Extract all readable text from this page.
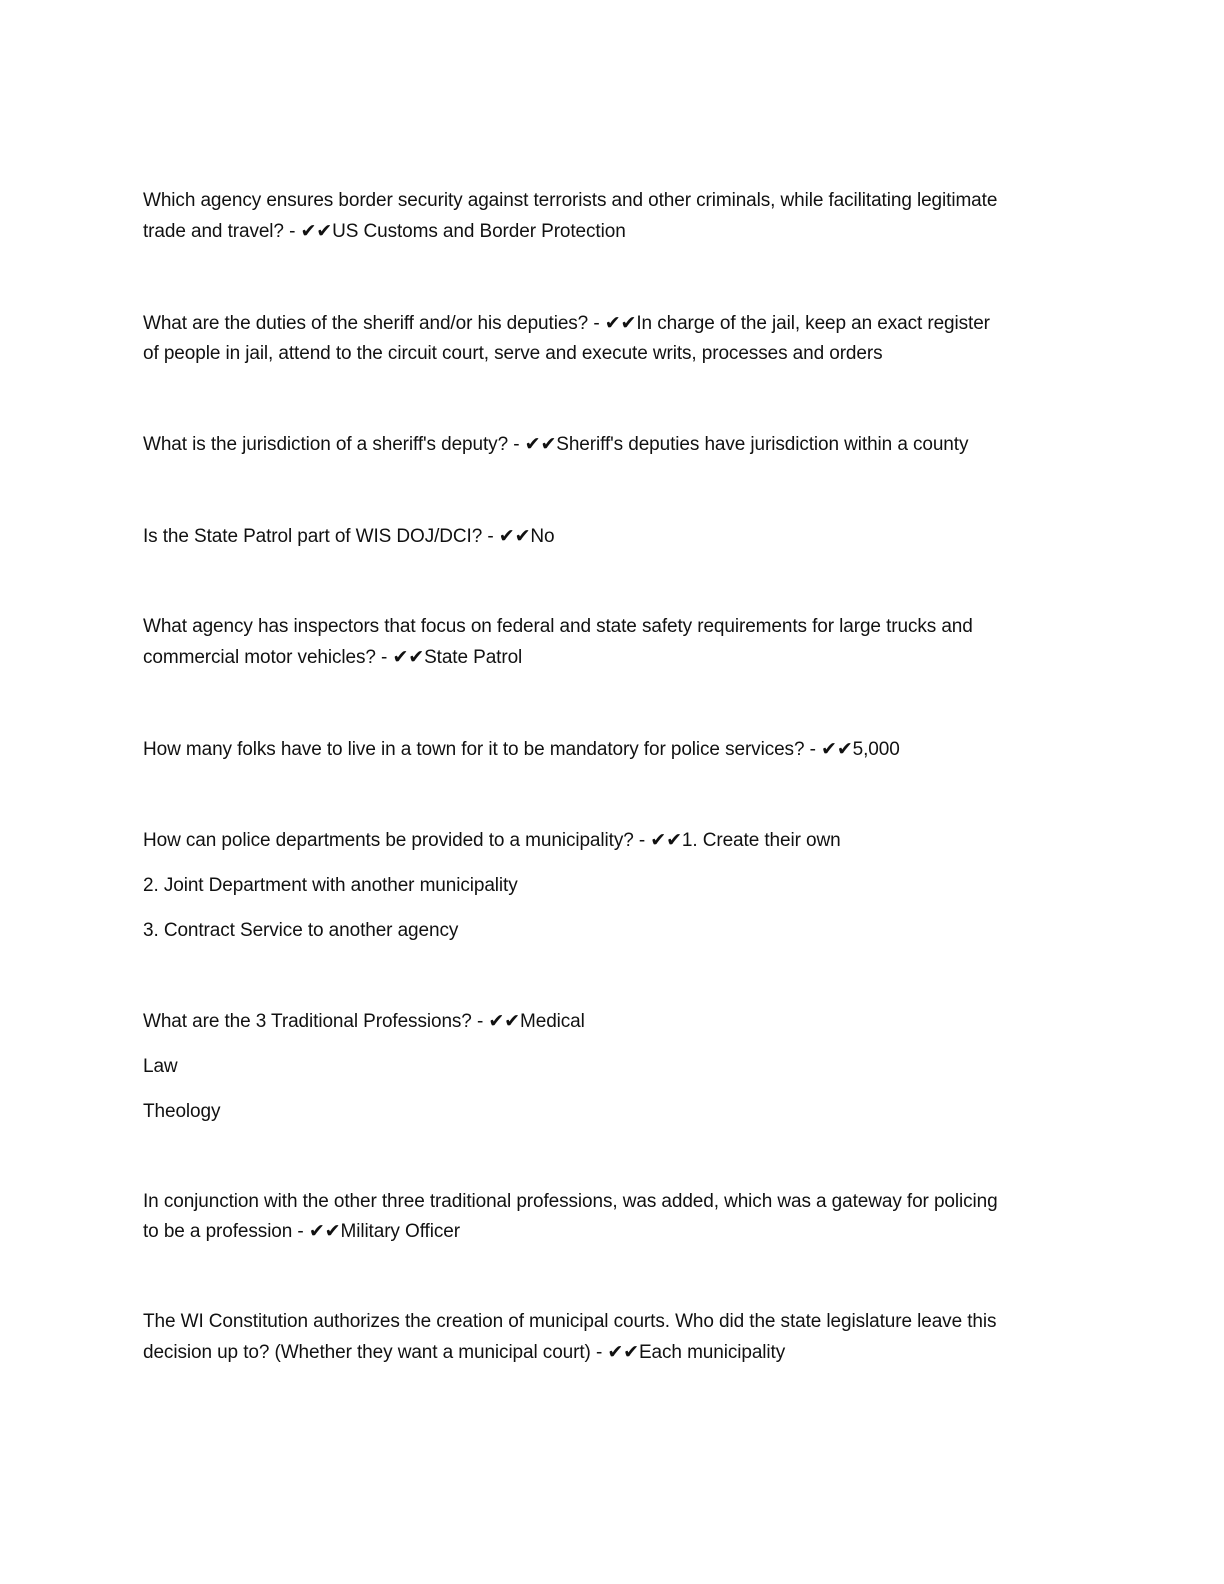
Which agency ensures border security against terrorists and other criminals, while facilitating legitimate
trade and travel? - ✔✔US Customs and Border Protection
What are the duties of the sheriff and/or his deputies? - ✔✔In charge of the jail, keep an exact register
of people in jail, attend to the circuit court, serve and execute writs, processes and orders
What is the jurisdiction of a sheriff's deputy? - ✔✔Sheriff's deputies have jurisdiction within a county
Is the State Patrol part of WIS DOJ/DCI? - ✔✔No
What agency has inspectors that focus on federal and state safety requirements for large trucks and
commercial motor vehicles? - ✔✔State Patrol
How many folks have to live in a town for it to be mandatory for police services? - ✔✔5,000
How can police departments be provided to a municipality? - ✔✔1. Create their own
2. Joint Department with another municipality
3. Contract Service to another agency
What are the 3 Traditional Professions? - ✔✔Medical
Law
Theology
In conjunction with the other three traditional professions, was added, which was a gateway for policing
to be a profession - ✔✔Military Officer
The WI Constitution authorizes the creation of municipal courts. Who did the state legislature leave this
decision up to? (Whether they want a municipal court) - ✔✔Each municipality
